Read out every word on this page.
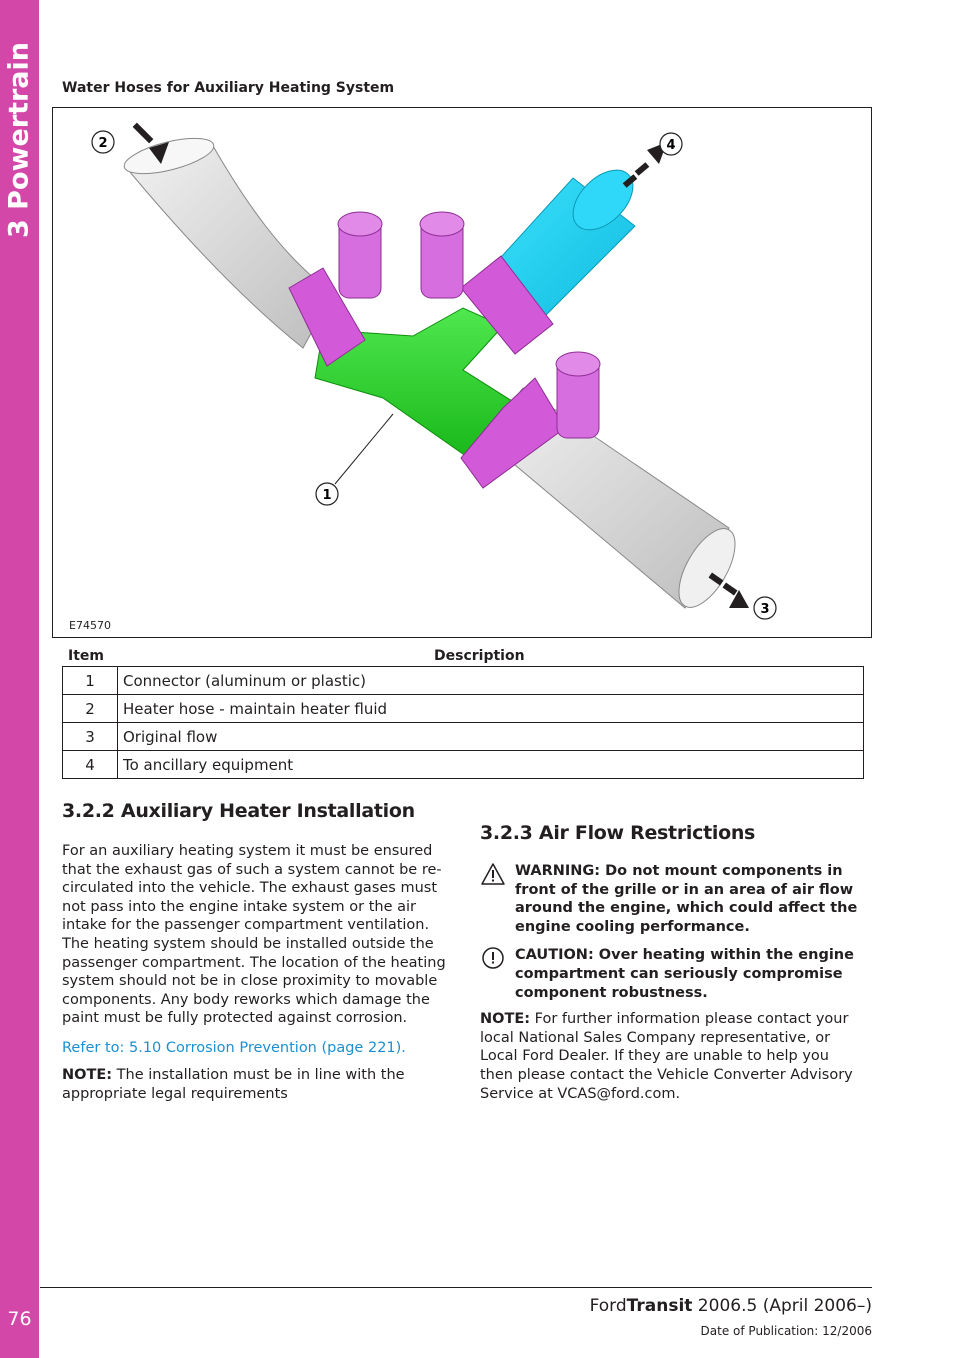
3 Powertrain
76
Water Hoses for Auxiliary Heating System
1
2
3
4
E74570
Item	Description
1	Connector (aluminum or plastic)
2	Heater hose - maintain heater fluid
3	Original flow
4	To ancillary equipment
3.2.2 Auxiliary Heater Installation

For an auxiliary heating system it must be ensured that the exhaust gas of such a system cannot be re-circulated into the vehicle. The exhaust gases must not pass into the engine intake system or the air intake for the passenger compartment ventilation. The heating system should be installed outside the passenger compartment. The location of the heating system should not be in close proximity to movable components. Any body reworks which damage the paint must be fully protected against corrosion.

Refer to: 5.10 Corrosion Prevention (page 221).

NOTE: The installation must be in line with the appropriate legal requirements

3.2.3 Air Flow Restrictions

WARNING: Do not mount components in front of the grille or in an area of air flow around the engine, which could affect the engine cooling performance.

CAUTION: Over heating within the engine compartment can seriously compromise component robustness.

NOTE: For further information please contact your local National Sales Company representative, or Local Ford Dealer. If they are unable to help you then please contact the Vehicle Converter Advisory Service at VCAS@ford.com.

FordTransit 2006.5 (April 2006–)
Date of Publication: 12/2006
